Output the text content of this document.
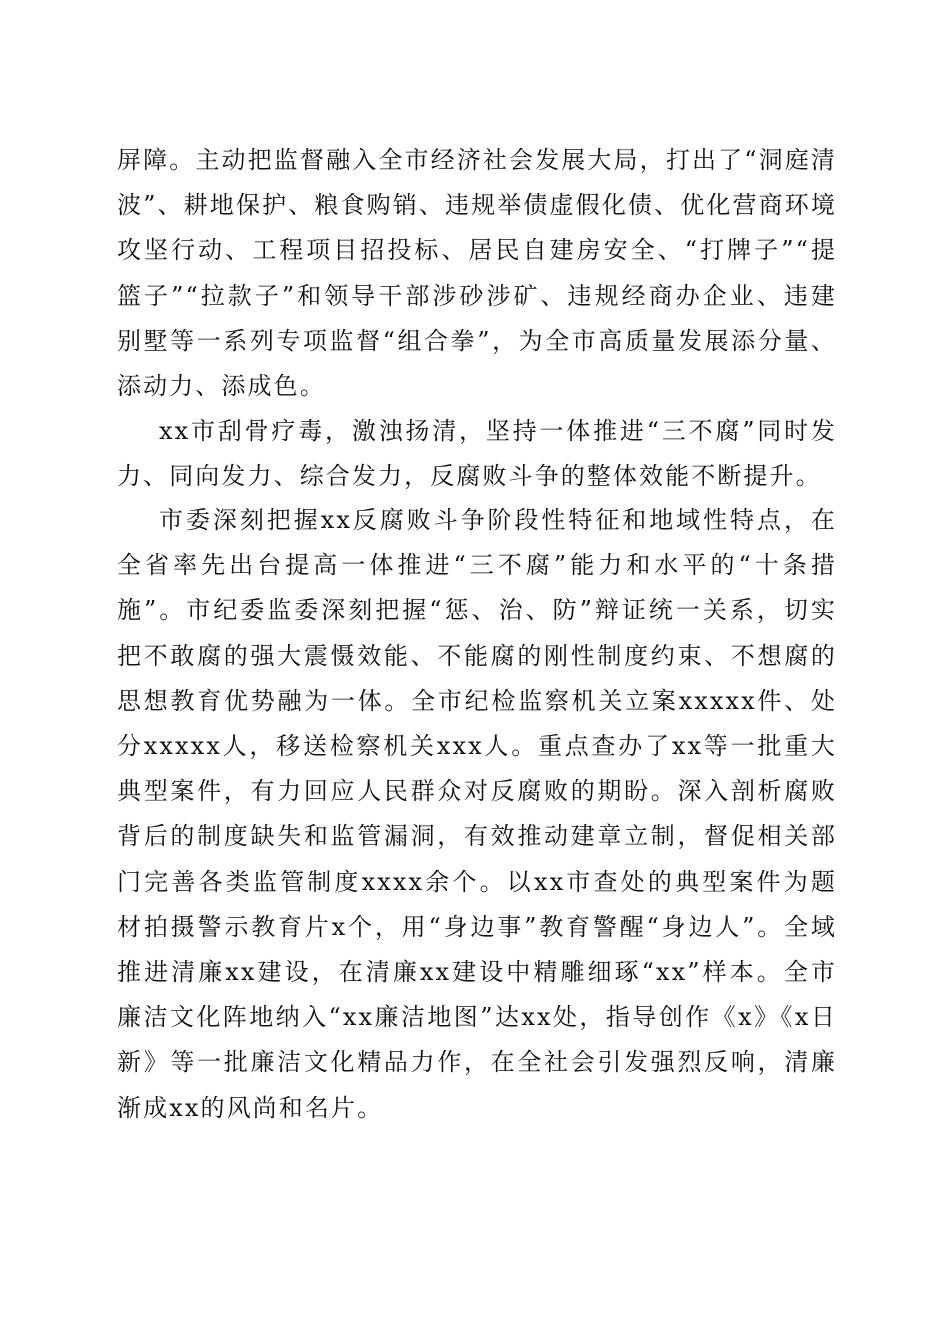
屏障。主动把监督融入全市经济社会发展大局，打出了“洞庭清波”、耕地保护、粮食购销、违规举债虚假化债、优化营商环境攻坚行动、工程项目招投标、居民自建房安全、“打牌子”“提篮子”“拉款子”和领导干部涉砂涉矿、违规经商办企业、违建别墅等一系列专项监督“组合拳”，为全市高质量发展添分量、添动力、添成色。

xx市刮骨疗毒，激浊扬清，坚持一体推进“三不腐”同时发力、同向发力、综合发力，反腐败斗争的整体效能不断提升。

市委深刻把握xx反腐败斗争阶段性特征和地域性特点，在全省率先出台提高一体推进“三不腐”能力和水平的“十条措施”。市纪委监委深刻把握“惩、治、防”辩证统一关系，切实把不敢腐的强大震慑效能、不能腐的刚性制度约束、不想腐的思想教育优势融为一体。全市纪检监察机关立案xxxxx件、处分xxxxx人，移送检察机关xxx人。重点查办了xx等一批重大典型案件，有力回应人民群众对反腐败的期盼。深入剖析腐败背后的制度缺失和监管漏洞，有效推动建章立制，督促相关部门完善各类监管制度xxxx余个。以xx市查处的典型案件为题材拍摄警示教育片x个，用“身边事”教育警醒“身边人”。全域推进清廉xx建设，在清廉xx建设中精雕细琢“xx”样本。全市廉洁文化阵地纳入“xx廉洁地图”达xx处，指导创作《x》《x日新》等一批廉洁文化精品力作，在全社会引发强烈反响，清廉渐成xx的风尚和名片。
